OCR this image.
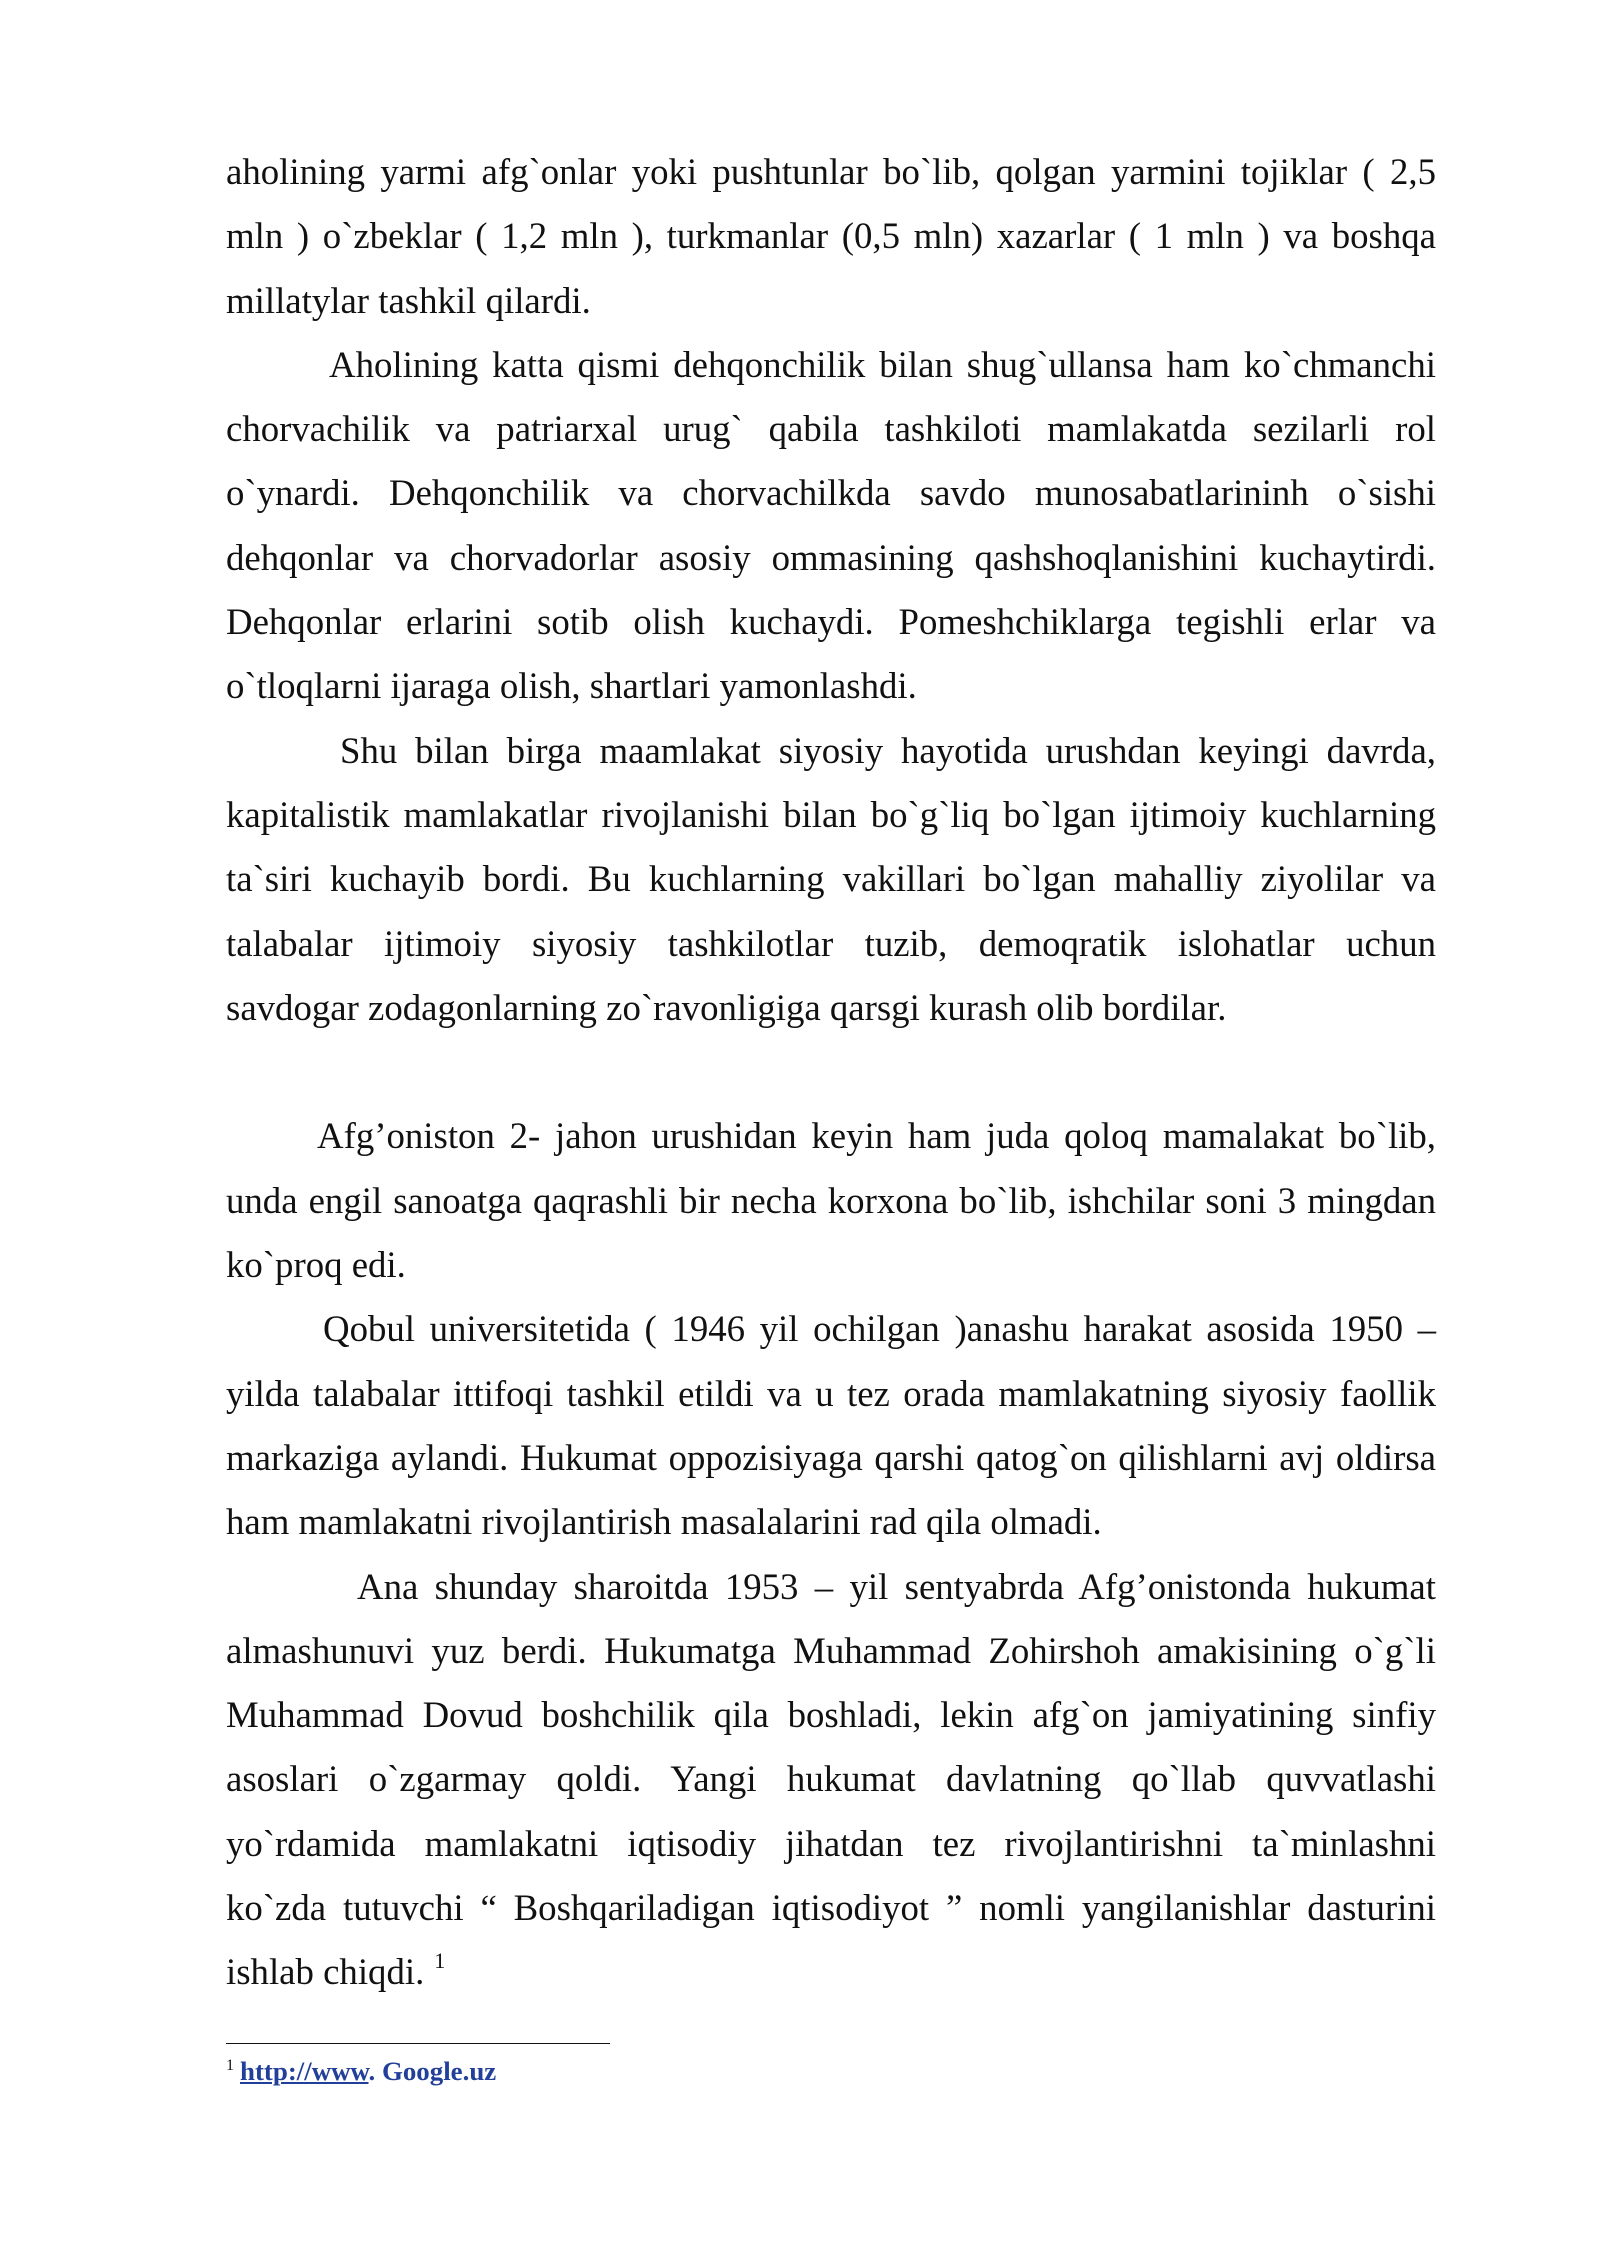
aholining yarmi afg`onlar yoki pushtunlar bo`lib, qolgan yarmini tojiklar ( 2,5
mln ) o`zbeklar ( 1,2 mln ), turkmanlar (0,5 mln) xazarlar ( 1 mln ) va boshqa
millatylar tashkil qilardi.
Aholining katta qismi dehqonchilik bilan shug`ullansa ham ko`chmanchi
chorvachilik va patriarxal urug` qabila tashkiloti mamlakatda sezilarli rol
o`ynardi. Dehqonchilik va chorvachilkda savdo munosabatlarininh o`sishi
dehqonlar va chorvadorlar asosiy ommasining qashshoqlanishini kuchaytirdi.
Dehqonlar erlarini sotib olish kuchaydi. Pomeshchiklarga tegishli erlar va
o`tloqlarni ijaraga olish, shartlari yamonlashdi.
Shu bilan birga maamlakat siyosiy hayotida urushdan keyingi davrda,
kapitalistik mamlakatlar rivojlanishi bilan bo`g`liq bo`lgan ijtimoiy kuchlarning
ta`siri kuchayib bordi. Bu kuchlarning vakillari bo`lgan mahalliy ziyolilar va
talabalar ijtimoiy siyosiy tashkilotlar tuzib, demoqratik islohatlar uchun
savdogar zodagonlarning zo`ravonligiga qarsgi kurash olib bordilar.
Afg’oniston 2- jahon urushidan keyin ham juda qoloq mamalakat bo`lib,
unda engil sanoatga qaqrashli bir necha korxona bo`lib, ishchilar soni 3 mingdan
ko`proq edi.
Qobul universitetida ( 1946 yil ochilgan )anashu harakat asosida 1950 –
yilda talabalar ittifoqi tashkil etildi va u tez orada mamlakatning siyosiy faollik
markaziga aylandi. Hukumat oppozisiyaga qarshi qatog`on qilishlarni avj oldirsa
ham mamlakatni rivojlantirish masalalarini rad qila olmadi.
Ana shunday sharoitda 1953 – yil sentyabrda Afg’onistonda hukumat
almashunuvi yuz berdi. Hukumatga Muhammad Zohirshoh amakisining o`g`li
Muhammad Dovud boshchilik qila boshladi, lekin afg`on jamiyatining sinfiy
asoslari o`zgarmay qoldi. Yangi hukumat davlatning qo`llab quvvatlashi
yo`rdamida mamlakatni iqtisodiy jihatdan tez rivojlantirishni ta`minlashni
ko`zda tutuvchi “ Boshqariladigan iqtisodiyot ” nomli yangilanishlar dasturini
ishlab chiqdi. $^1$
$^1$ http://www. Google.uz
